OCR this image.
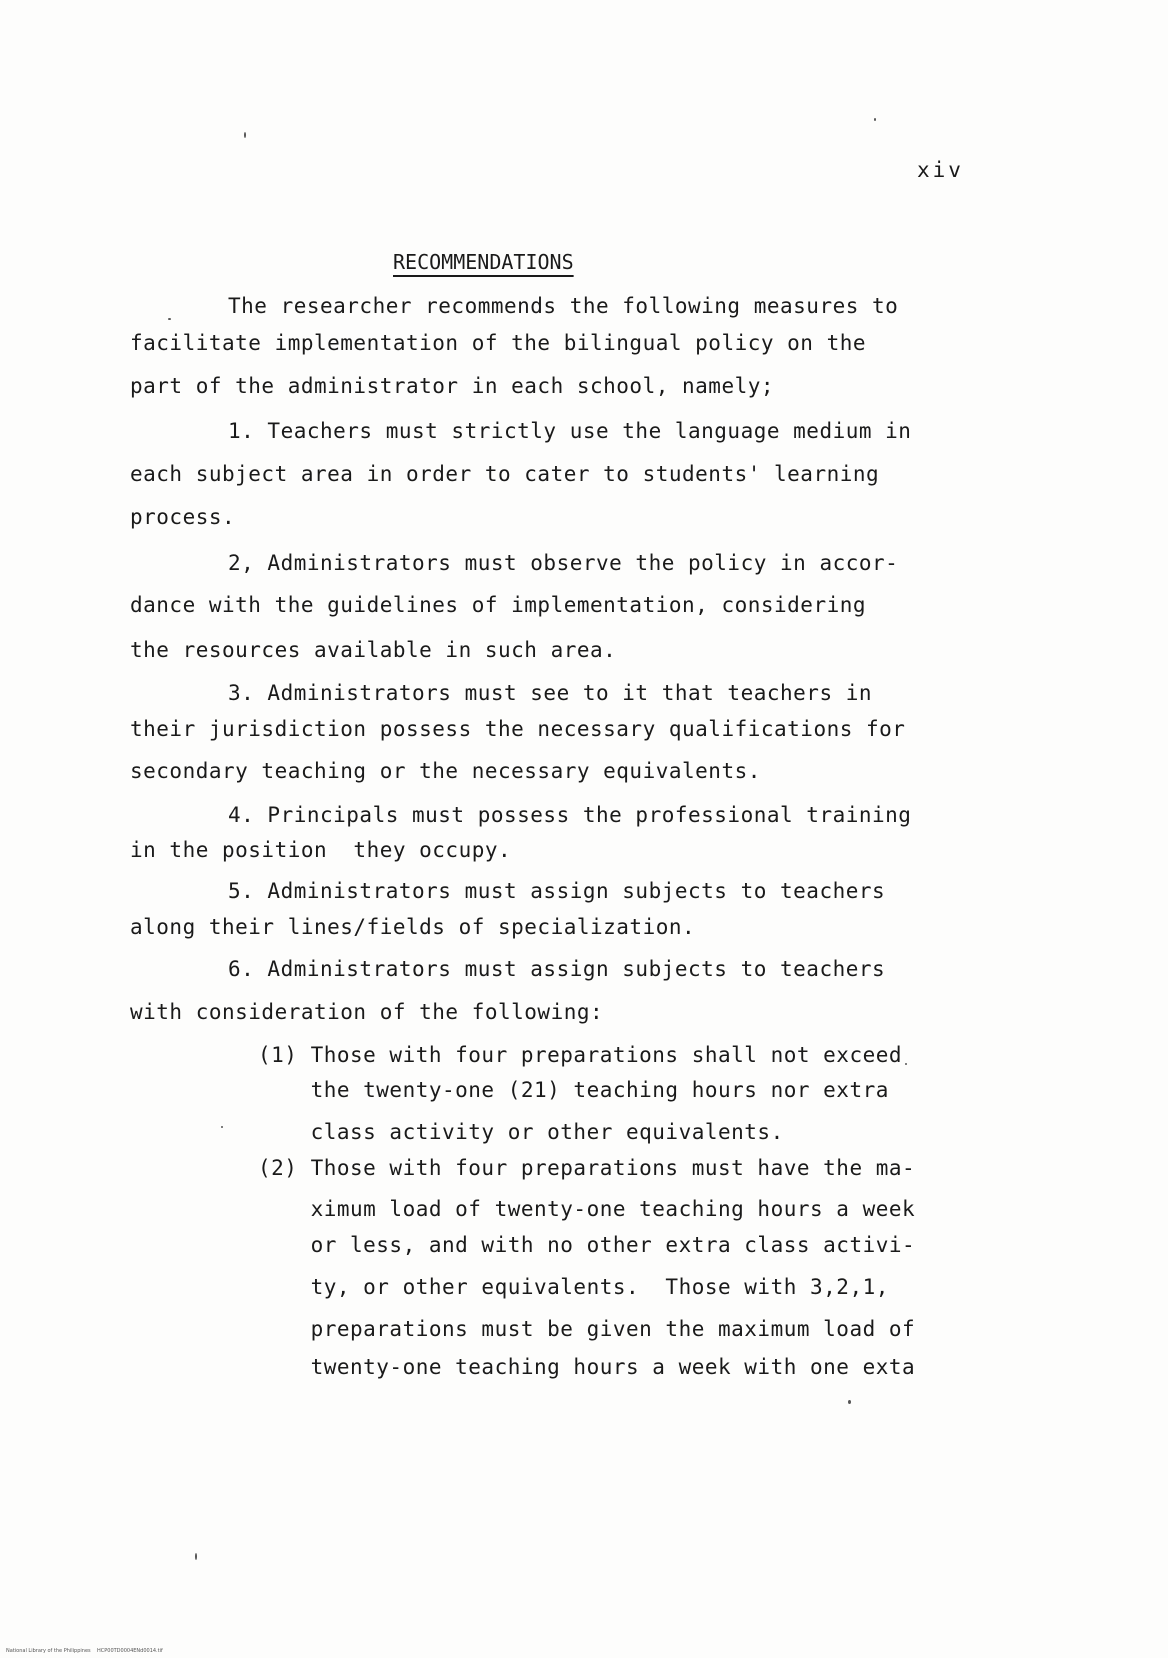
xiv
RECOMMENDATIONS
The researcher recommends the following measures to
facilitate implementation of the bilingual policy on the
part of the administrator in each school, namely;
1. Teachers must strictly use the language medium in
each subject area in order to cater to students' learning
process.
2, Administrators must observe the policy in accor-
dance with the guidelines of implementation, considering
the resources available in such area.
3. Administrators must see to it that teachers in
their jurisdiction possess the necessary qualifications for
secondary teaching or the necessary equivalents.
4. Principals must possess the professional training
in the position  they occupy.
5. Administrators must assign subjects to teachers
along their lines/fields of specialization.
6. Administrators must assign subjects to teachers
with consideration of the following:
(1) Those with four preparations shall not exceed
the twenty-one (21) teaching hours nor extra
class activity or other equivalents.
(2) Those with four preparations must have the ma-
ximum load of twenty-one teaching hours a week
or less, and with no other extra class activi-
ty, or other equivalents.  Those with 3,2,1,
preparations must be given the maximum load of
twenty-one teaching hours a week with one exta
National Library of the Philippines    HCP00TD0004ENd0014.tif
